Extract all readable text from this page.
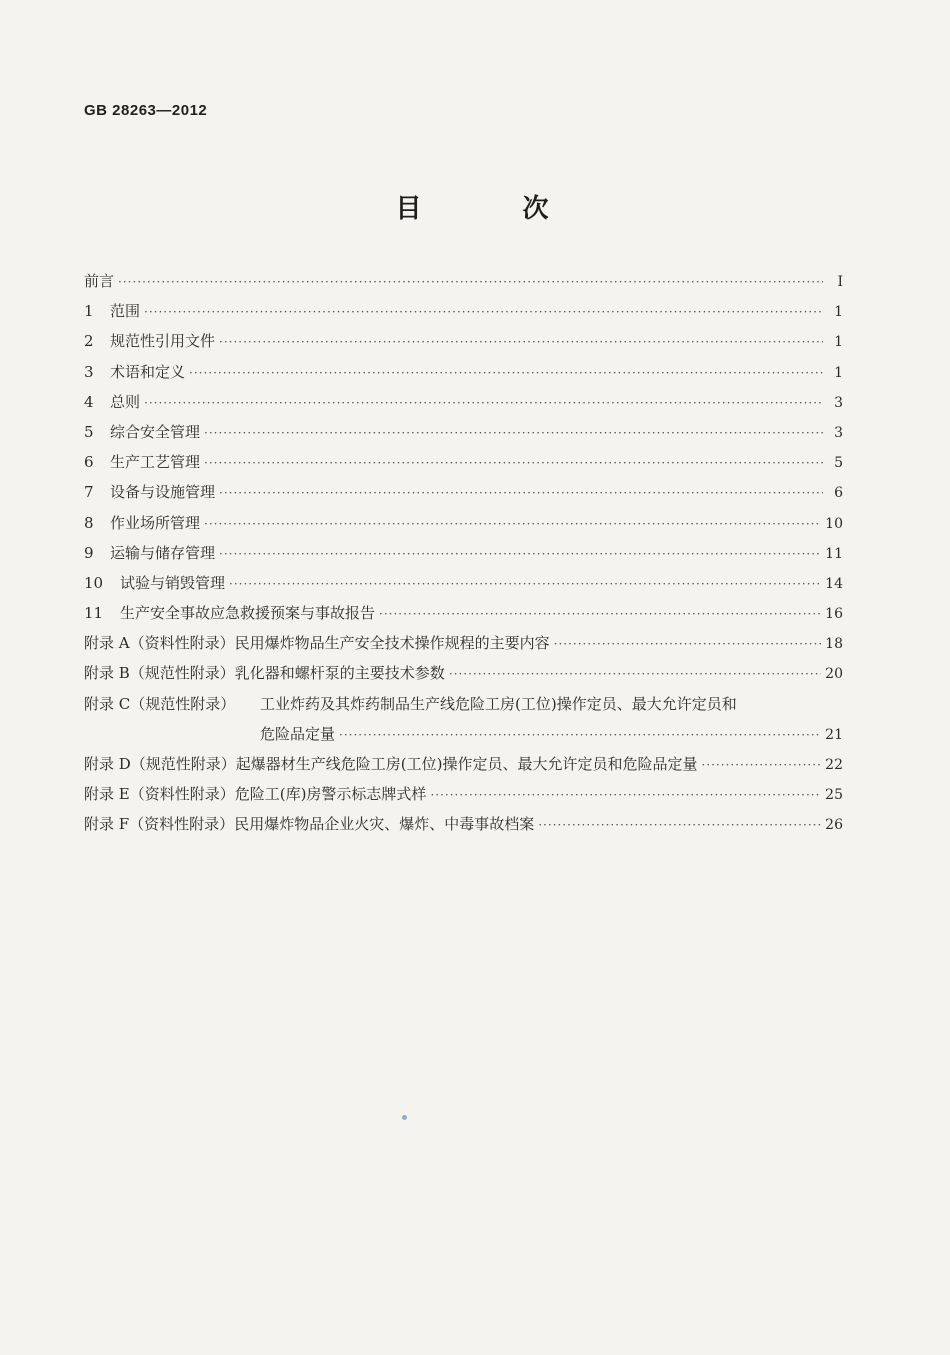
GB 28263—2012
目 次
前言 ·····	Ⅰ
1	范围 ·····	1
2	规范性引用文件 ·····	1
3	术语和定义 ·····	1
4	总则 ·····	3
5	综合安全管理 ·····	3
6	生产工艺管理 ·····	5
7	设备与设施管理 ·····	6
8	作业场所管理 ·····	10
9	运输与储存管理 ·····	11
10	试验与销毁管理 ·····	14
11	生产安全事故应急救援预案与事故报告 ·····	16
附录 A（资料性附录） 民用爆炸物品生产安全技术操作规程的主要内容 ·····	18
附录 B（规范性附录） 乳化器和螺杆泵的主要技术参数 ·····	20
附录 C（规范性附录）	工业炸药及其炸药制品生产线危险工房(工位)操作定员、最大允许定员和
危险品定量 ·····	21
附录 D（规范性附录） 起爆器材生产线危险工房(工位)操作定员、最大允许定员和危险品定量 ·····	22
附录 E（资料性附录） 危险工(库)房警示标志牌式样 ·····	25
附录 F（资料性附录） 民用爆炸物品企业火灾、爆炸、中毒事故档案 ·····	26
